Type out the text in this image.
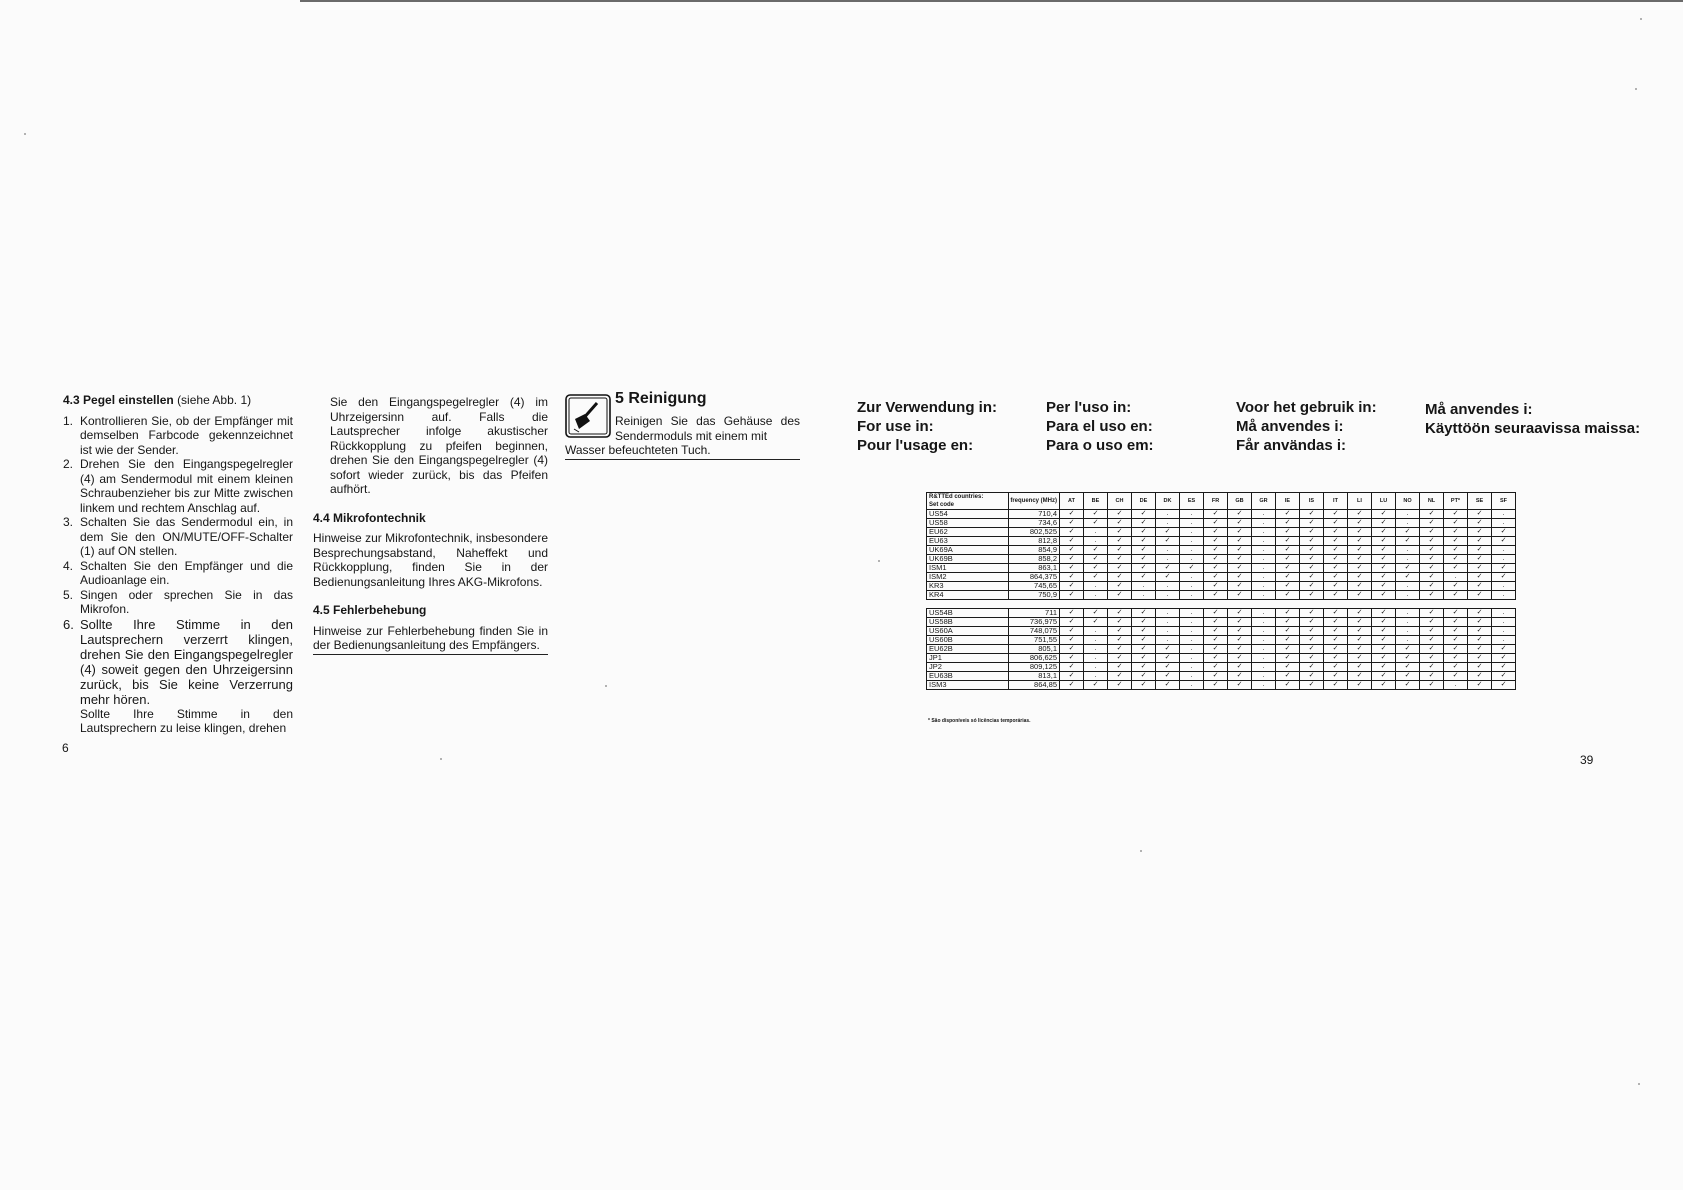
4.3 Pegel einstellen (siehe Abb. 1)
1. Kontrollieren Sie, ob der Empfänger mit demselben Farbcode gekennzeichnet ist wie der Sender.
2. Drehen Sie den Eingangspegelregler (4) am Sendermodul mit einem kleinen Schraubenzieher bis zur Mitte zwischen linkem und rechtem Anschlag auf.
3. Schalten Sie das Sendermodul ein, in dem Sie den ON/MUTE/OFF-Schalter (1) auf ON stellen.
4. Schalten Sie den Empfänger und die Audioanlage ein.
5. Singen oder sprechen Sie in das Mikrofon.
6. Sollte Ihre Stimme in den Lautsprechern verzerrt klingen, drehen Sie den Eingangspegelregler (4) soweit gegen den Uhrzeigersinn zurück, bis Sie keine Verzerrung mehr hören.

Sollte Ihre Stimme in den Lautsprechern zu leise klingen, drehen

Sie den Eingangspegelregler (4) im Uhrzeigersinn auf. Falls die Lautsprecher infolge akustischer Rückkopplung zu pfeifen beginnen, drehen Sie den Eingangspegelregler (4) sofort wieder zurück, bis das Pfeifen aufhört.

4.4 Mikrofontechnik

Hinweise zur Mikrofontechnik, insbesondere Besprechungsabstand, Naheffekt und Rückkopplung, finden Sie in der Bedienungsanleitung Ihres AKG-Mikrofons.

4.5 Fehlerbehebung

Hinweise zur Fehlerbehebung finden Sie in der Bedienungsanleitung des Empfängers.

5 Reinigung
Reinigen Sie das Gehäuse des Sendermoduls mit einem mit
Wasser befeuchteten Tuch.
6
Zur Verwendung in:
For use in:
Pour l'usage en:
Per l'uso in:
Para el uso en:
Para o uso em:
Voor het gebruik in:
Må anvendes i:
Får användas i:
Må anvendes i:
Käyttöön seuraavissa maissa:
R&TTEd countries:
Set code	frequency (MHz)	AT	BE	CH	DE	DK	ES	FR	GB	GR	IE	IS	IT	LI	LU	NO	NL	PT*	SE	SF
US54	710,4	✓	✓	✓	✓	.	.	✓	✓	.	✓	✓	✓	✓	✓	.	✓	✓	✓	.
US58	734,6	✓	✓	✓	✓	.	.	✓	✓	.	✓	✓	✓	✓	✓	.	✓	✓	✓	.
EU62	802,525	✓	.	✓	✓	✓	.	✓	✓	.	✓	✓	✓	✓	✓	✓	✓	✓	✓	✓
EU63	812,8	✓	.	✓	✓	✓	.	✓	✓	.	✓	✓	✓	✓	✓	✓	✓	✓	✓	✓
UK69A	854,9	✓	✓	✓	✓	.	.	✓	✓	.	✓	✓	✓	✓	✓	.	✓	✓	✓	.
UK69B	858,2	✓	✓	✓	✓	.	.	✓	✓	.	✓	✓	✓	✓	✓	.	✓	✓	✓	.
ISM1	863,1	✓	✓	✓	✓	✓	✓	✓	✓	.	✓	✓	✓	✓	✓	✓	✓	✓	✓	✓
ISM2	864,375	✓	✓	✓	✓	✓	.	✓	✓	.	✓	✓	✓	✓	✓	✓	✓	.	✓	✓
KR3	745,65	✓	.	✓	.	.	.	✓	✓	.	✓	✓	✓	✓	✓	.	✓	✓	✓	.
KR4	750,9	✓	.	✓	.	.	.	✓	✓	.	✓	✓	✓	✓	✓	.	✓	✓	✓	.

US54B	711	✓	✓	✓	✓	.	.	✓	✓	.	✓	✓	✓	✓	✓	.	✓	✓	✓	.
US58B	736,975	✓	✓	✓	✓	.	.	✓	✓	.	✓	✓	✓	✓	✓	.	✓	✓	✓	.
US60A	748,075	✓	.	✓	✓	.	.	✓	✓	.	✓	✓	✓	✓	✓	.	✓	✓	✓	.
US60B	751,55	✓	.	✓	✓	.	.	✓	✓	.	✓	✓	✓	✓	✓	.	✓	✓	✓	.
EU62B	805,1	✓	.	✓	✓	✓	.	✓	✓	.	✓	✓	✓	✓	✓	✓	✓	✓	✓	✓
JP1	806,625	✓	.	✓	✓	✓	.	✓	✓	.	✓	✓	✓	✓	✓	✓	✓	✓	✓	✓
JP2	809,125	✓	.	✓	✓	✓	.	✓	✓	.	✓	✓	✓	✓	✓	✓	✓	✓	✓	✓
EU63B	813,1	✓	.	✓	✓	✓	.	✓	✓	.	✓	✓	✓	✓	✓	✓	✓	✓	✓	✓
ISM3	864,85	✓	✓	✓	✓	✓	.	✓	✓	.	✓	✓	✓	✓	✓	✓	✓	.	✓	✓
* São disponíveis só licências temporárias.
39
